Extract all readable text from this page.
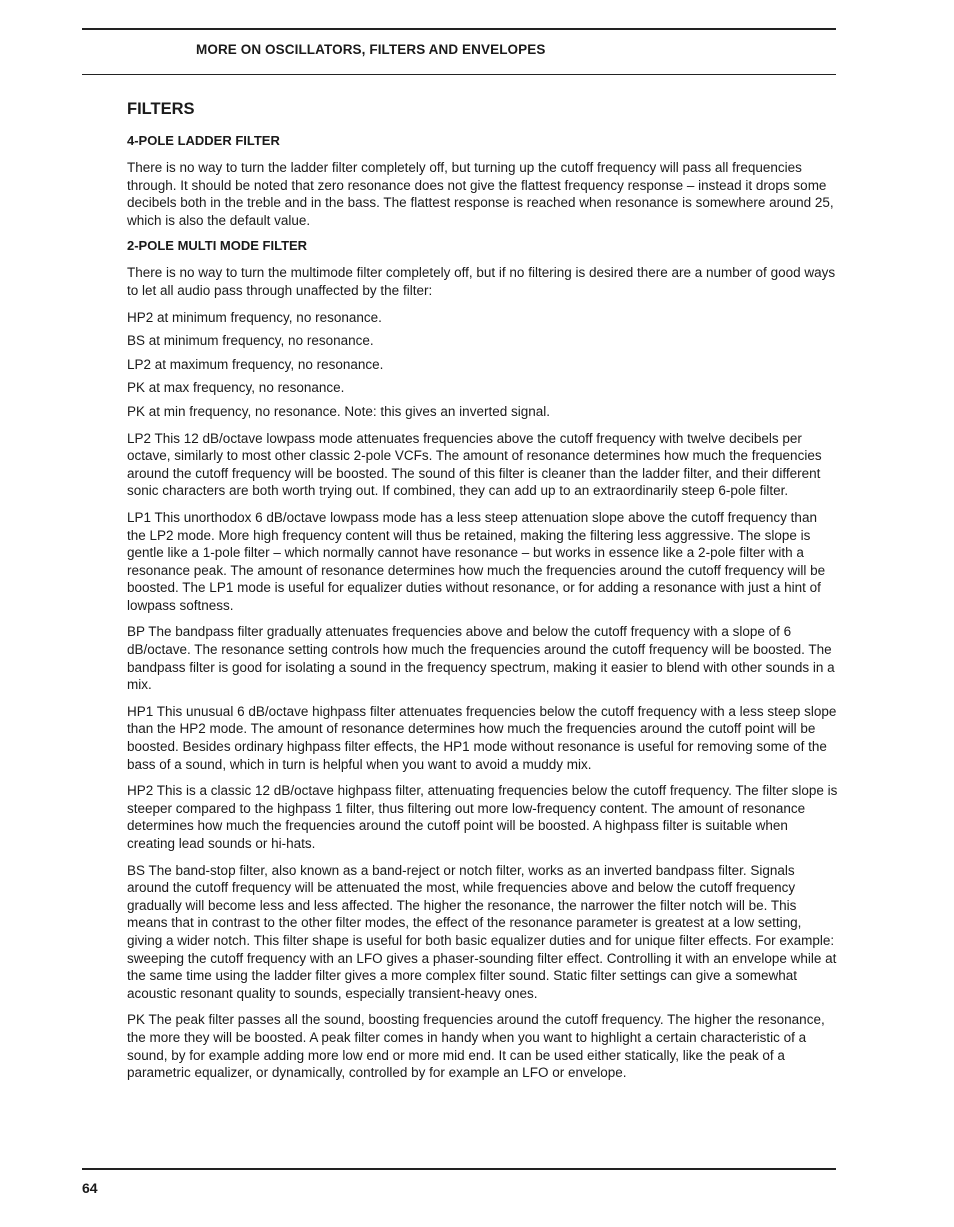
MORE ON OSCILLATORS, FILTERS AND ENVELOPES
FILTERS
4-POLE LADDER FILTER

There is no way to turn the ladder filter completely off, but turning up the cutoff frequency will pass all frequencies through. It should be noted that zero resonance does not give the flattest frequency response – instead it drops some decibels both in the treble and in the bass. The flattest response is reached when resonance is somewhere around 25, which is also the default value.

2-POLE MULTI MODE FILTER

There is no way to turn the multimode filter completely off, but if no filtering is desired there are a number of good ways to let all audio pass through unaffected by the filter:

HP2 at minimum frequency, no resonance.

BS at minimum frequency, no resonance.

LP2 at maximum frequency, no resonance.

PK at max frequency, no resonance.

PK at min frequency, no resonance. Note: this gives an inverted signal.

LP2 This 12 dB/octave lowpass mode attenuates frequencies above the cutoff frequency with twelve decibels per octave, similarly to most other classic 2-pole VCFs. The amount of resonance determines how much the frequencies around the cutoff frequency will be boosted. The sound of this filter is cleaner than the ladder filter, and their different sonic characters are both worth trying out. If combined, they can add up to an extraordinarily steep 6-pole filter.

LP1 This unorthodox 6 dB/octave lowpass mode has a less steep attenuation slope above the cutoff frequency than the LP2 mode. More high frequency content will thus be retained, making the filtering less aggressive. The slope is gentle like a 1-pole filter – which normally cannot have resonance – but works in essence like a 2-pole filter with a resonance peak. The amount of resonance determines how much the frequencies around the cutoff frequency will be boosted. The LP1 mode is useful for equalizer duties without resonance, or for adding a resonance with just a hint of lowpass softness.

BP The bandpass filter gradually attenuates frequencies above and below the cutoff frequency with a slope of 6 dB/octave. The resonance setting controls how much the frequencies around the cutoff frequency will be boosted. The bandpass filter is good for isolating a sound in the frequency spectrum, making it easier to blend with other sounds in a mix.

HP1 This unusual 6 dB/octave highpass filter attenuates frequencies below the cutoff frequency with a less steep slope than the HP2 mode. The amount of resonance determines how much the frequencies around the cutoff point will be boosted. Besides ordinary highpass filter effects, the HP1 mode without resonance is useful for removing some of the bass of a sound, which in turn is helpful when you want to avoid a muddy mix.

HP2 This is a classic 12 dB/octave highpass filter, attenuating frequencies below the cutoff frequency. The filter slope is steeper compared to the highpass 1 filter, thus filtering out more low-frequency content. The amount of resonance determines how much the frequencies around the cutoff point will be boosted. A highpass filter is suitable when creating lead sounds or hi-hats.

BS The band-stop filter, also known as a band-reject or notch filter, works as an inverted bandpass filter. Signals around the cutoff frequency will be attenuated the most, while frequencies above and below the cutoff frequency gradually will become less and less affected. The higher the resonance, the narrower the filter notch will be. This means that in contrast to the other filter modes, the effect of the resonance parameter is greatest at a low setting, giving a wider notch. This filter shape is useful for both basic equalizer duties and for unique filter effects. For example: sweeping the cutoff frequency with an LFO gives a phaser-sounding filter effect. Controlling it with an envelope while at the same time using the ladder filter gives a more complex filter sound. Static filter settings can give a somewhat acoustic resonant quality to sounds, especially transient-heavy ones.

PK The peak filter passes all the sound, boosting frequencies around the cutoff frequency. The higher the resonance, the more they will be boosted. A peak filter comes in handy when you want to highlight a certain characteristic of a sound, by for example adding more low end or more mid end. It can be used either statically, like the peak of a parametric equalizer, or dynamically, controlled by for example an LFO or envelope.

64
